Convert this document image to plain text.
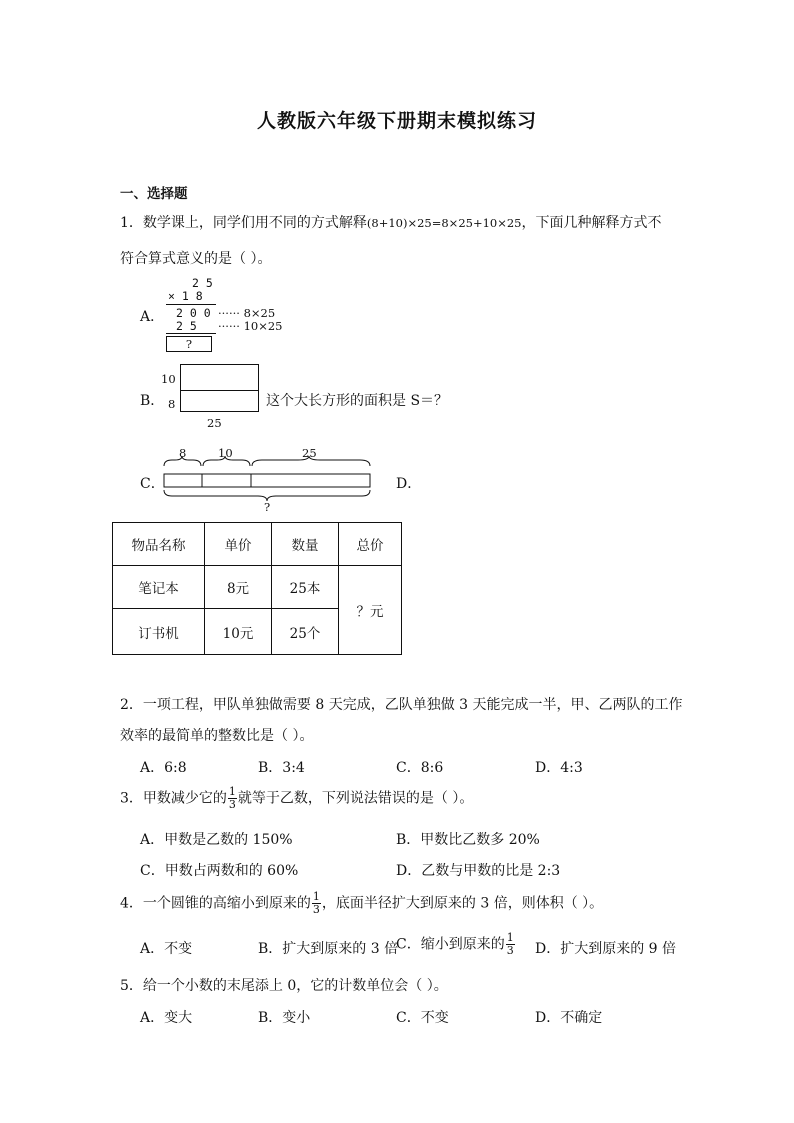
人教版六年级下册期末模拟练习
一、选择题
1．数学课上，同学们用不同的方式解释(8+10)×25=8×25+10×25，下面几种解释方式不
符合算式意义的是（ ）。
A．
2 5
× 1 8
2 0 0 ······ 8×25
2 5 ······ 10×25
?
B．
10
8
25
这个大长方形的面积是 S＝？
C．
8	10	25
?
D．
物品名称	单价	数量	总价
笔记本	8元	25本	？元
订书机	10元	25个	
2．一项工程，甲队单独做需要 8 天完成，乙队单独做 3 天能完成一半，甲、乙两队的工作
效率的最简单的整数比是（ ）。
A．6:8	B．3:4	C．8:6	D．4:3
3．甲数减少它的 $\frac{1}{3}$ 就等于乙数，下列说法错误的是（ ）。
A．甲数是乙数的 150%	B．甲数比乙数多 20%
C．甲数占两数和的 60%	D．乙数与甲数的比是 2:3
4．一个圆锥的高缩小到原来的 $\frac{1}{3}$ ，底面半径扩大到原来的 3 倍，则体积（ ）。
A．不变	B．扩大到原来的 3 倍
C．缩小到原来的 $\frac{1}{3}$ D．扩大到原来的 9 倍
5．给一个小数的末尾添上 0，它的计数单位会（ ）。
A．变大	B．变小	C．不变	D．不确定
